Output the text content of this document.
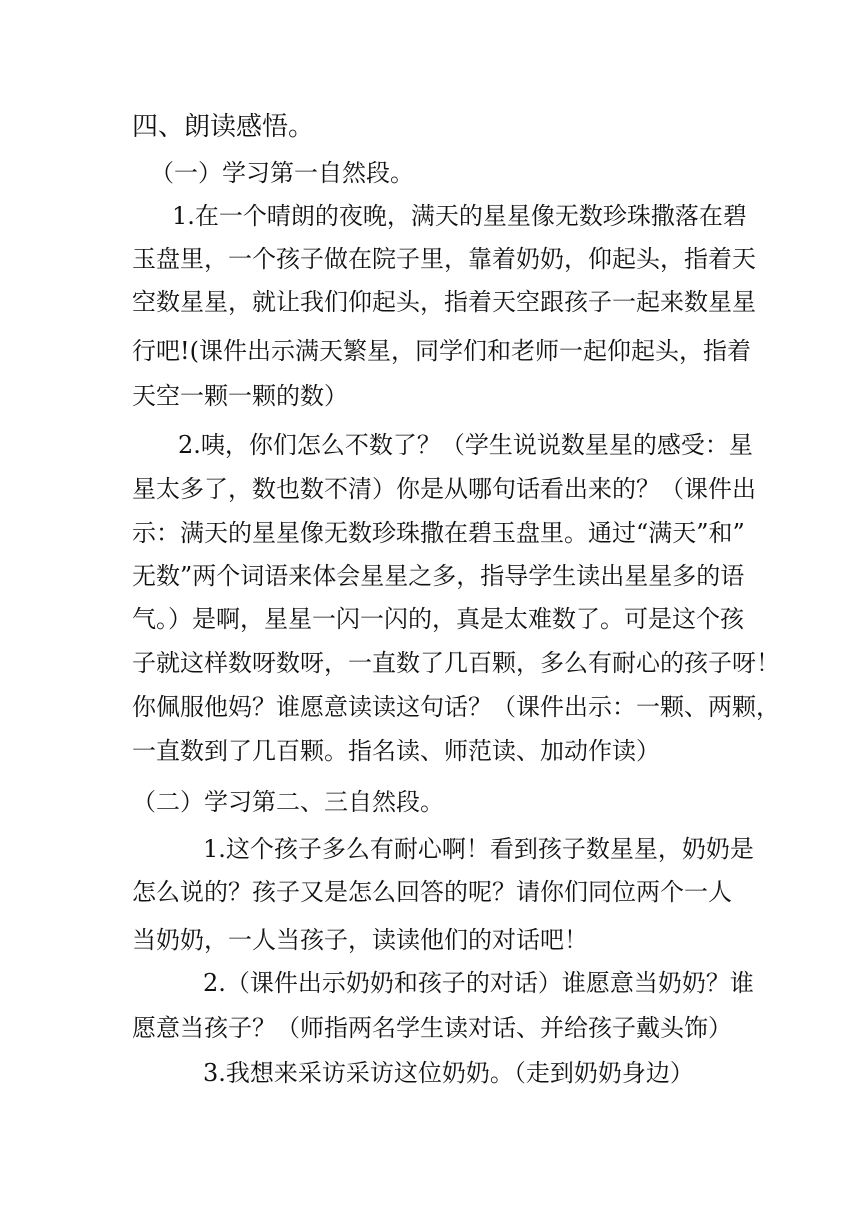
四、朗读感悟。
（一）学习第一自然段。
1.在一个晴朗的夜晚，满天的星星像无数珍珠撒落在碧
玉盘里，一个孩子做在院子里，靠着奶奶，仰起头，指着天
空数星星，就让我们仰起头，指着天空跟孩子一起来数星星
行吧!(课件出示满天繁星，同学们和老师一起仰起头，指着
天空一颗一颗的数）
2.咦，你们怎么不数了？（学生说说数星星的感受：星
星太多了，数也数不清）你是从哪句话看出来的？（课件出
示：满天的星星像无数珍珠撒在碧玉盘里。通过“满天”和”
无数”两个词语来体会星星之多，指导学生读出星星多的语
气。）是啊，星星一闪一闪的，真是太难数了。可是这个孩
子就这样数呀数呀，一直数了几百颗，多么有耐心的孩子呀！
你佩服他妈？谁愿意读读这句话？（课件出示：一颗、两颗，
一直数到了几百颗。指名读、师范读、加动作读）
（二）学习第二、三自然段。
1.这个孩子多么有耐心啊！看到孩子数星星，奶奶是
怎么说的？孩子又是怎么回答的呢？请你们同位两个一人
当奶奶，一人当孩子，读读他们的对话吧！
2.（课件出示奶奶和孩子的对话）谁愿意当奶奶？谁
愿意当孩子？（师指两名学生读对话、并给孩子戴头饰）
3.我想来采访采访这位奶奶。（走到奶奶身边）
